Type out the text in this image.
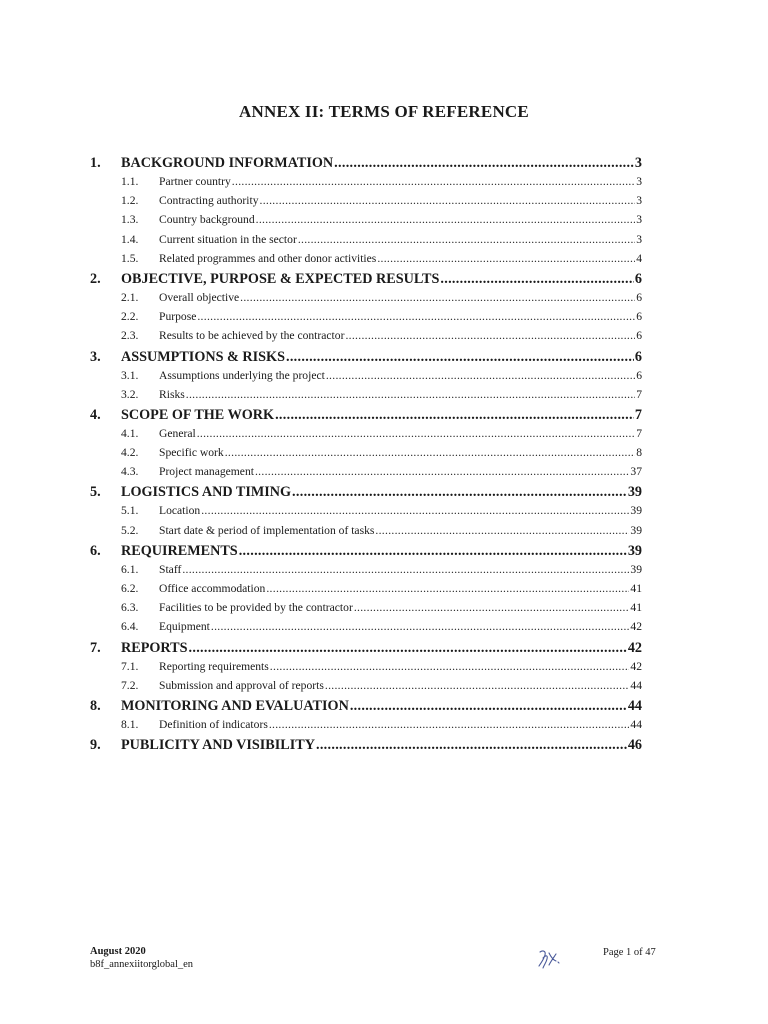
ANNEX II: TERMS OF REFERENCE
1.	BACKGROUND INFORMATION .....	3
1.1.	Partner country .....	3
1.2.	Contracting authority .....	3
1.3.	Country background .....	3
1.4.	Current situation in the sector .....	3
1.5.	Related programmes and other donor activities .....	4
2.	OBJECTIVE, PURPOSE & EXPECTED RESULTS .....	6
2.1.	Overall objective .....	6
2.2.	Purpose .....	6
2.3.	Results to be achieved by the contractor .....	6
3.	ASSUMPTIONS & RISKS .....	6
3.1.	Assumptions underlying the project .....	6
3.2.	Risks .....	7
4.	SCOPE OF THE WORK .....	7
4.1.	General .....	7
4.2.	Specific work .....	8
4.3.	Project management .....	37
5.	LOGISTICS AND TIMING .....	39
5.1.	Location .....	39
5.2.	Start date & period of implementation of tasks .....	39
6.	REQUIREMENTS .....	39
6.1.	Staff .....	39
6.2.	Office accommodation .....	41
6.3.	Facilities to be provided by the contractor .....	41
6.4.	Equipment .....	42
7.	REPORTS .....	42
7.1.	Reporting requirements .....	42
7.2.	Submission and approval of reports .....	44
8.	MONITORING AND EVALUATION .....	44
8.1.	Definition of indicators .....	44
9.	PUBLICITY AND VISIBILITY .....	46
August 2020
b8f_annexiitorglobal_en
Page 1 of 47
